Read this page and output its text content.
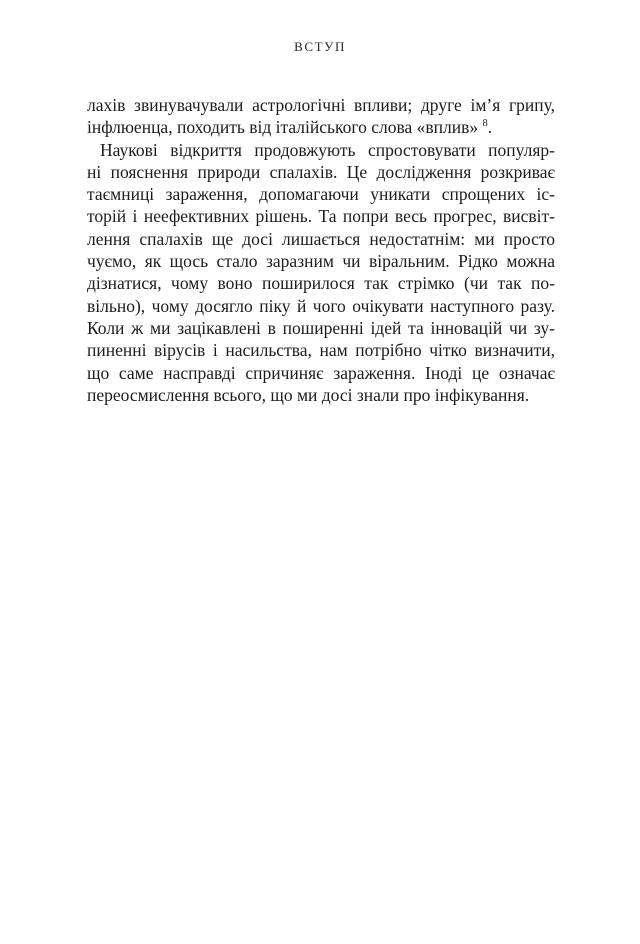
ВСТУП
лахів звинувачували астрологічні впливи; друге ім’я грипу,
інфлюенца, походить від італійського слова «вплив» $^8$.
Наукові відкриття продовжують спростовувати популяр-
ні пояснення природи спалахів. Це дослідження розкриває
таємниці зараження, допомагаючи уникати спрощених іс-
торій і неефективних рішень. Та попри весь прогрес, висвіт-
лення спалахів ще досі лишається недостатнім: ми просто
чуємо, як щось стало заразним чи віральним. Рідко можна
дізнатися, чому воно поширилося так стрімко (чи так по-
вільно), чому досягло піку й чого очікувати наступного разу.
Коли ж ми зацікавлені в поширенні ідей та інновацій чи зу-
пиненні вірусів і насильства, нам потрібно чітко визначити,
що саме насправді спричиняє зараження. Іноді це означає
переосмислення всього, що ми досі знали про інфікування.
